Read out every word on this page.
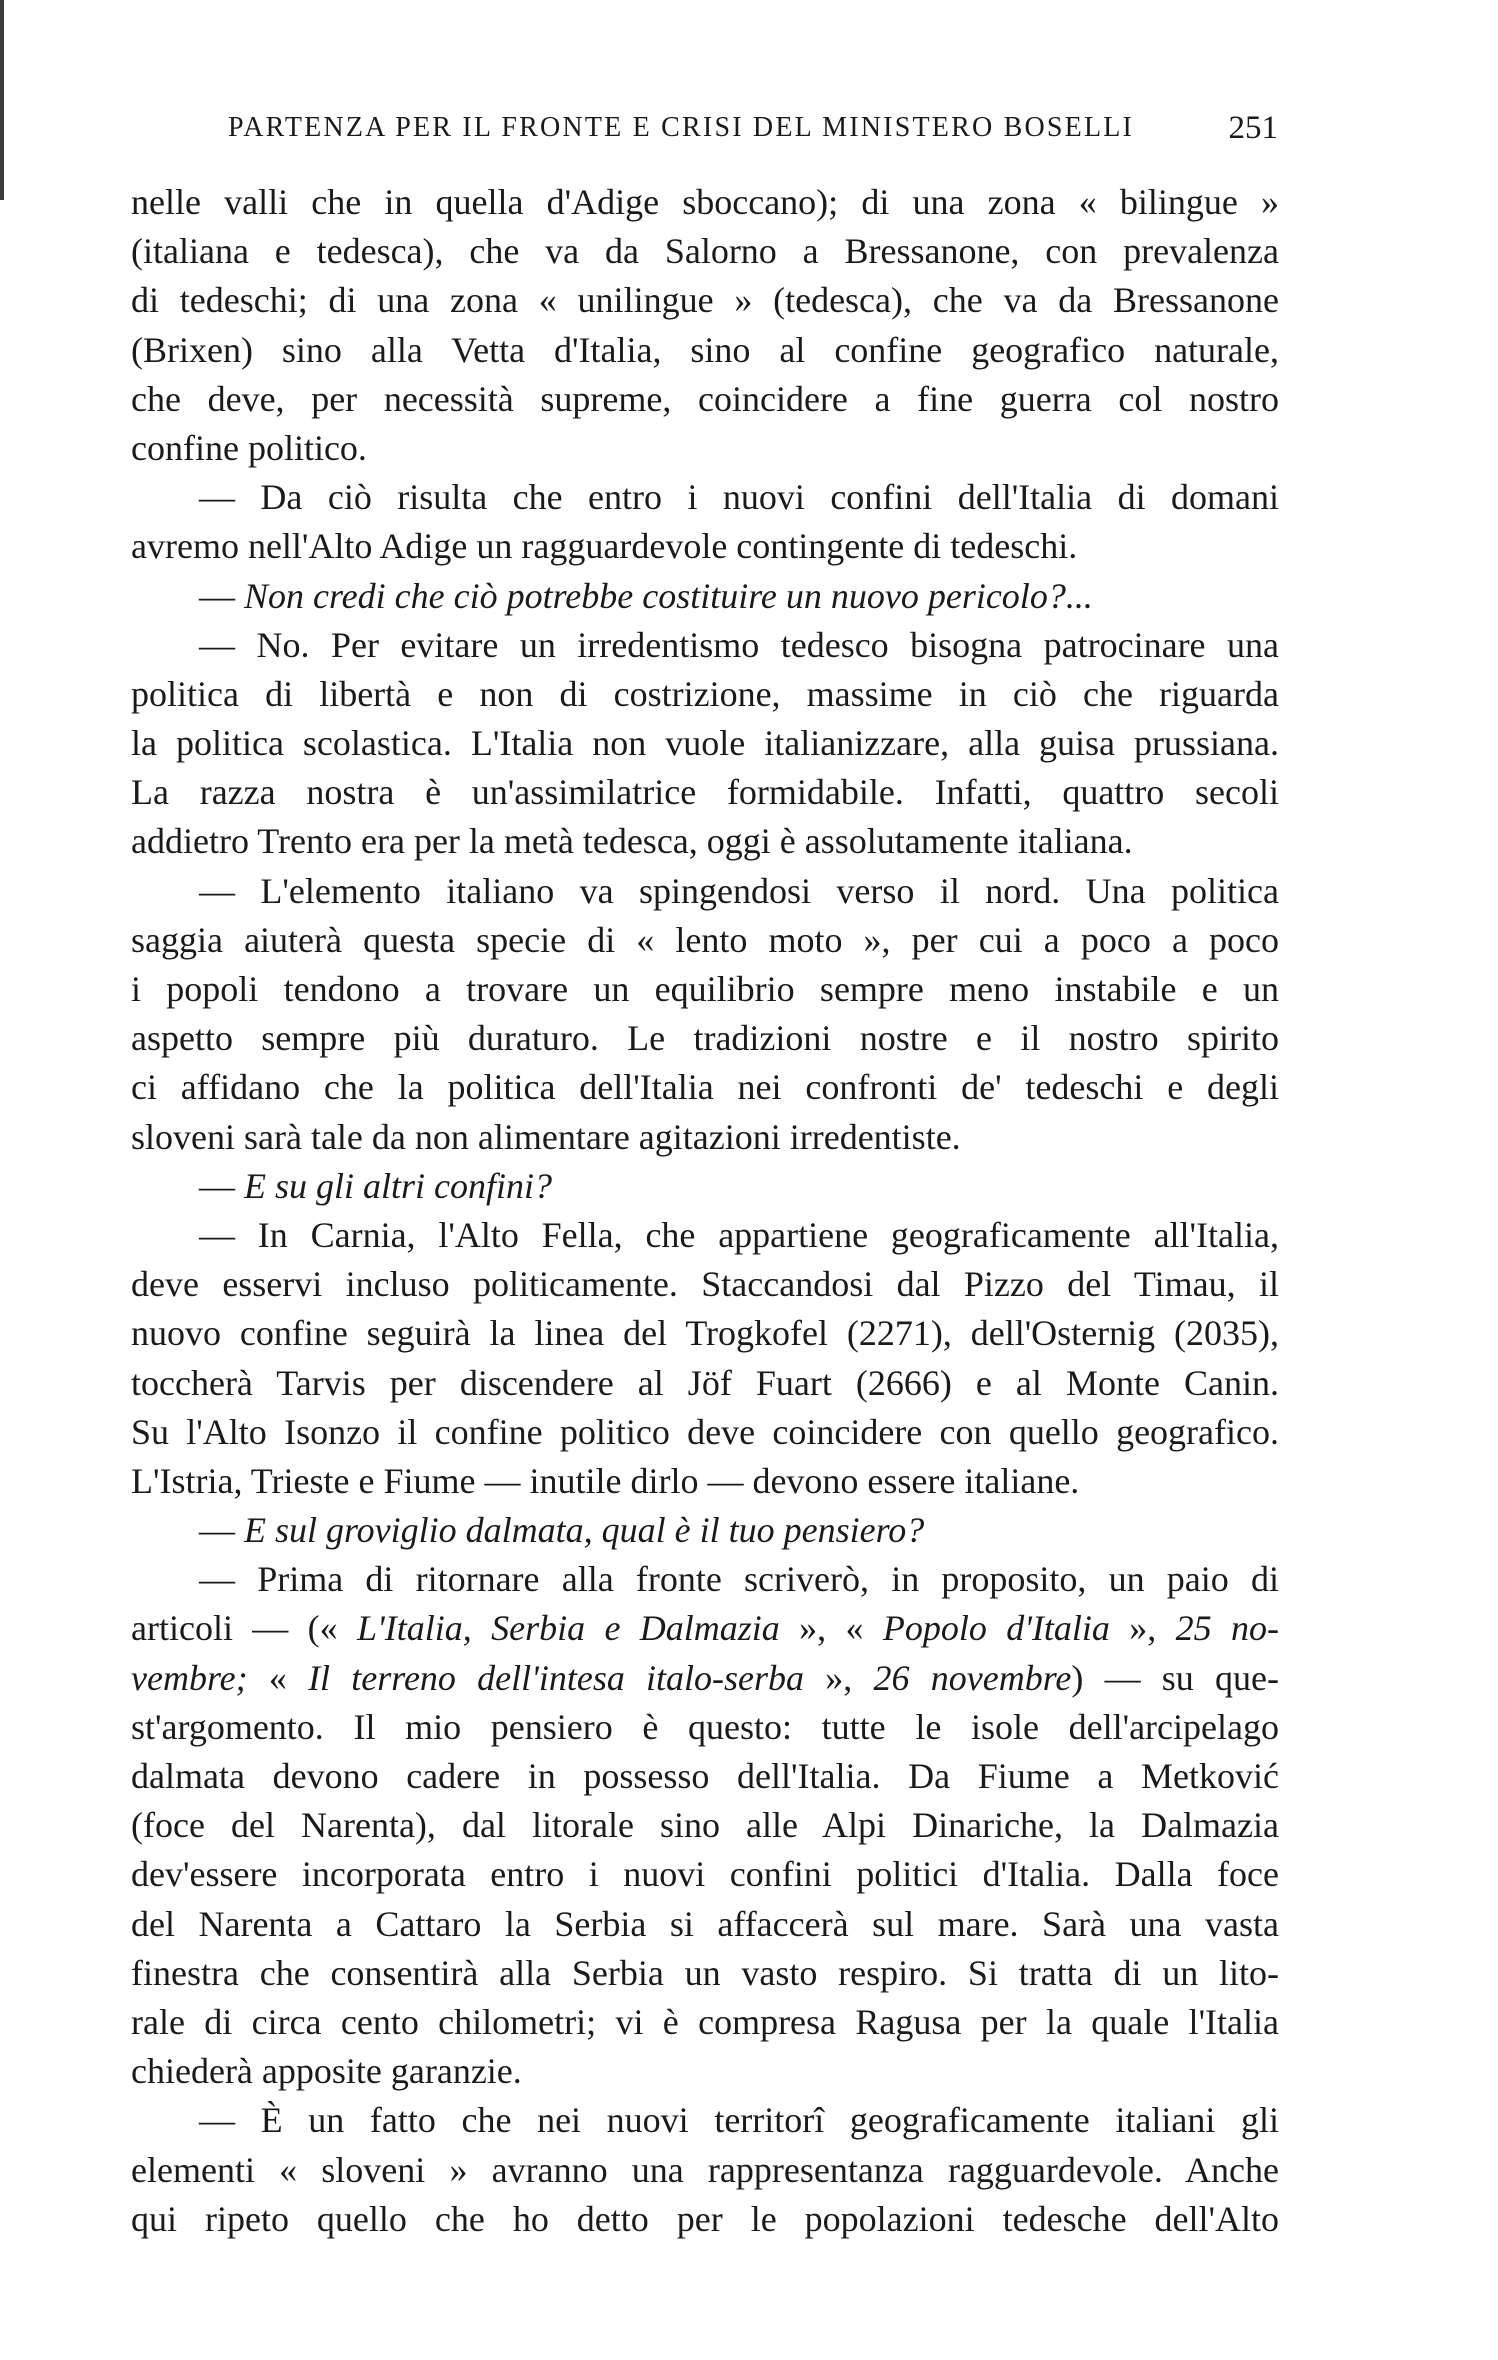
PARTENZA PER IL FRONTE E CRISI DEL MINISTERO BOSELLI	251
nelle valli che in quella d'Adige sboccano); di una zona « bilingue »
(italiana e tedesca), che va da Salorno a Bressanone, con prevalenza
di tedeschi; di una zona « unilingue » (tedesca), che va da Bressanone
(Brixen) sino alla Vetta d'Italia, sino al confine geografico naturale,
che deve, per necessità supreme, coincidere a fine guerra col nostro
confine politico.
— Da ciò risulta che entro i nuovi confini dell'Italia di domani
avremo nell'Alto Adige un ragguardevole contingente di tedeschi.
— Non credi che ciò potrebbe costituire un nuovo pericolo?...
— No. Per evitare un irredentismo tedesco bisogna patrocinare una
politica di libertà e non di costrizione, massime in ciò che riguarda
la politica scolastica. L'Italia non vuole italianizzare, alla guisa prussiana.
La razza nostra è un'assimilatrice formidabile. Infatti, quattro secoli
addietro Trento era per la metà tedesca, oggi è assolutamente italiana.
— L'elemento italiano va spingendosi verso il nord. Una politica
saggia aiuterà questa specie di « lento moto », per cui a poco a poco
i popoli tendono a trovare un equilibrio sempre meno instabile e un
aspetto sempre più duraturo. Le tradizioni nostre e il nostro spirito
ci affidano che la politica dell'Italia nei confronti de' tedeschi e degli
sloveni sarà tale da non alimentare agitazioni irredentiste.
— E su gli altri confini?
— In Carnia, l'Alto Fella, che appartiene geograficamente all'Italia,
deve esservi incluso politicamente. Staccandosi dal Pizzo del Timau, il
nuovo confine seguirà la linea del Trogkofel (2271), dell'Osternig (2035),
toccherà Tarvis per discendere al Jöf Fuart (2666) e al Monte Canin.
Su l'Alto Isonzo il confine politico deve coincidere con quello geografico.
L'Istria, Trieste e Fiume — inutile dirlo — devono essere italiane.
— E sul groviglio dalmata, qual è il tuo pensiero?
— Prima di ritornare alla fronte scriverò, in proposito, un paio di
articoli — (« L'Italia, Serbia e Dalmazia », « Popolo d'Italia », 25 no-
vembre; « Il terreno dell'intesa italo-serba », 26 novembre) — su que-
st'argomento. Il mio pensiero è questo: tutte le isole dell'arcipelago
dalmata devono cadere in possesso dell'Italia. Da Fiume a Metković
(foce del Narenta), dal litorale sino alle Alpi Dinariche, la Dalmazia
dev'essere incorporata entro i nuovi confini politici d'Italia. Dalla foce
del Narenta a Cattaro la Serbia si affaccerà sul mare. Sarà una vasta
finestra che consentirà alla Serbia un vasto respiro. Si tratta di un lito-
rale di circa cento chilometri; vi è compresa Ragusa per la quale l'Italia
chiederà apposite garanzie.
— È un fatto che nei nuovi territorî geograficamente italiani gli
elementi « sloveni » avranno una rappresentanza ragguardevole. Anche
qui ripeto quello che ho detto per le popolazioni tedesche dell'Alto
